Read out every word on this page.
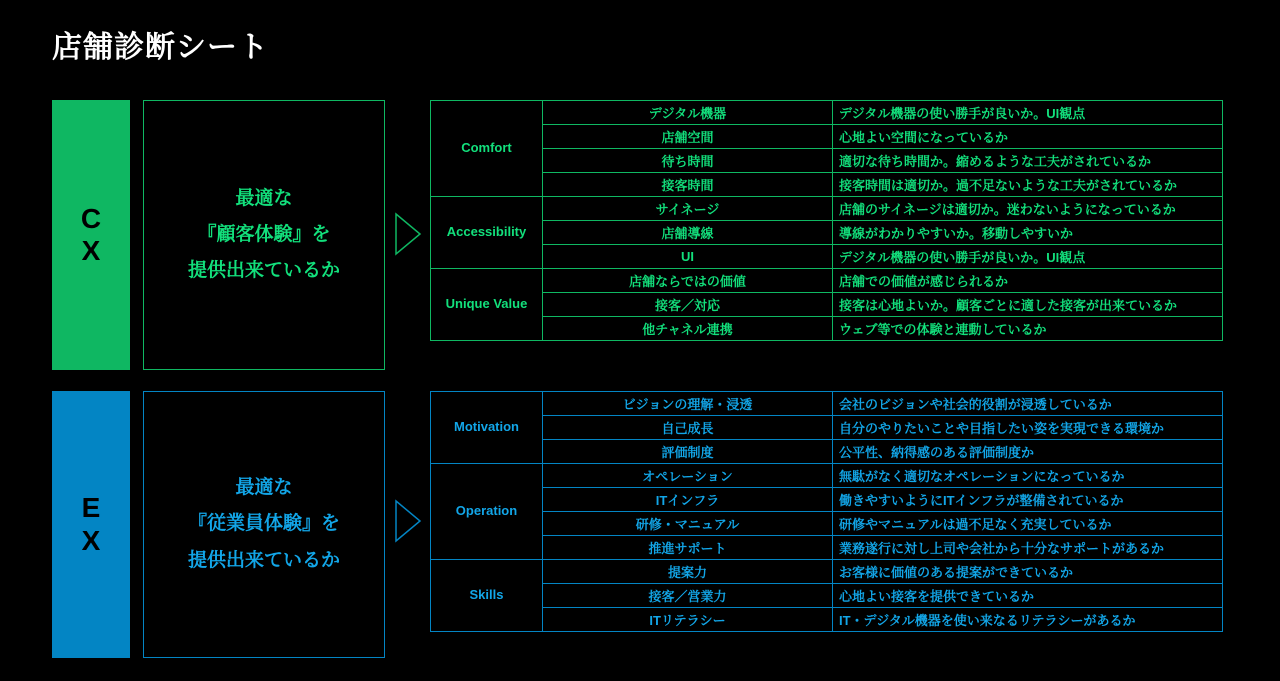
店舗診断シート
C
X
最適な
『顧客体験』を
提供出来ているか
Comfort	デジタル機器	デジタル機器の使い勝手が良いか。UI観点
	店舗空間	心地よい空間になっているか
	待ち時間	適切な待ち時間か。縮めるような工夫がされているか
	接客時間	接客時間は適切か。過不足ないような工夫がされているか
Accessibility	サイネージ	店舗のサイネージは適切か。迷わないようになっているか
	店舗導線	導線がわかりやすいか。移動しやすいか
	UI	デジタル機器の使い勝手が良いか。UI観点
Unique Value	店舗ならではの価値	店舗での価値が感じられるか
	接客／対応	接客は心地よいか。顧客ごとに適した接客が出来ているか
	他チャネル連携	ウェブ等での体験と連動しているか
E
X
最適な
『従業員体験』を
提供出来ているか
Motivation	ビジョンの理解・浸透	会社のビジョンや社会的役割が浸透しているか
	自己成長	自分のやりたいことや目指したい姿を実現できる環境か
	評価制度	公平性、納得感のある評価制度か
Operation	オペレーション	無駄がなく適切なオペレーションになっているか
	ITインフラ	働きやすいようにITインフラが整備されているか
	研修・マニュアル	研修やマニュアルは過不足なく充実しているか
	推進サポート	業務遂行に対し上司や会社から十分なサポートがあるか
Skills	提案力	お客様に価値のある提案ができているか
	接客／営業力	心地よい接客を提供できているか
	ITリテラシー	IT・デジタル機器を使い来なるリテラシーがあるか
